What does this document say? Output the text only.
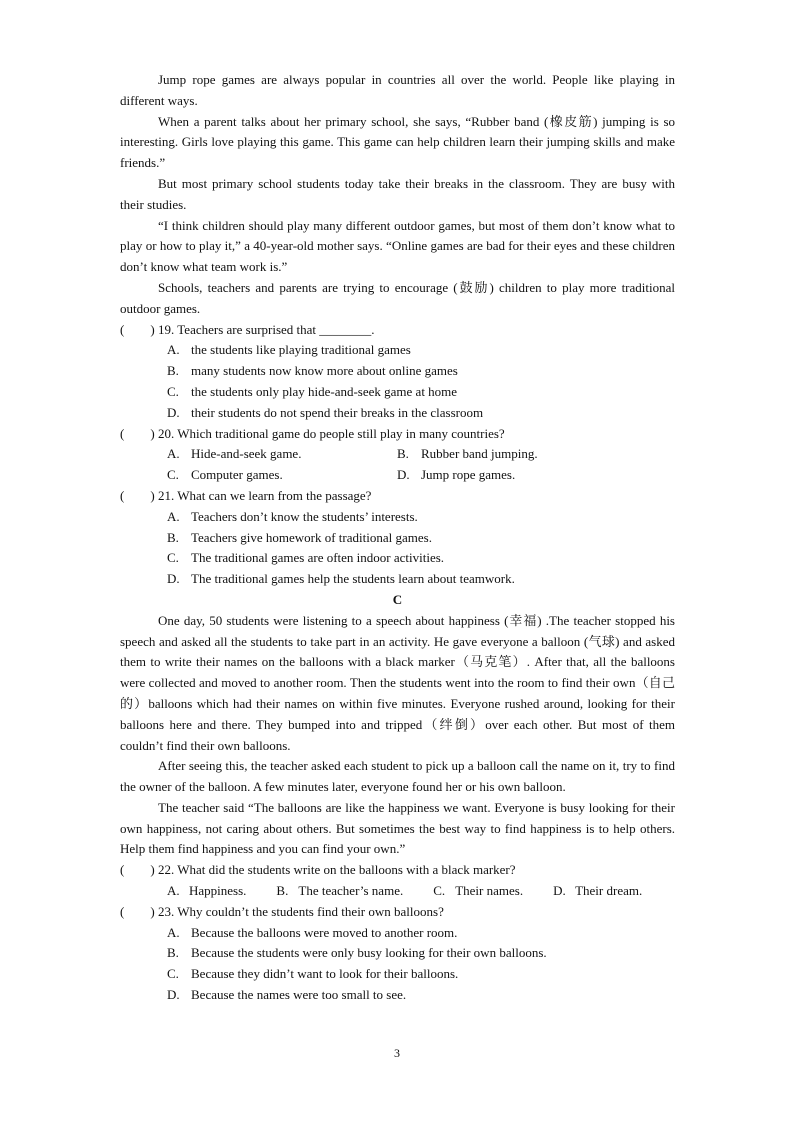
Jump rope games are always popular in countries all over the world. People like playing in different ways.

When a parent talks about her primary school, she says, “Rubber band (橡皮筋) jumping is so interesting. Girls love playing this game. This game can help children learn their jumping skills and make friends.”

But most primary school students today take their breaks in the classroom. They are busy with their studies.

“I think children should play many different outdoor games, but most of them don’t know what to play or how to play it,” a 40-year-old mother says. “Online games are bad for their eyes and these children don’t know what team work is.”

Schools, teachers and parents are trying to encourage (鼓励) children to play more traditional outdoor games.

(        ) 19. Teachers are surprised that ________.
A. the students like playing traditional games
B. many students now know more about online games
C. the students only play hide-and-seek game at home
D. their students do not spend their breaks in the classroom
(        ) 20. Which traditional game do people still play in many countries?
A. Hide-and-seek game.	B. Rubber band jumping.
C. Computer games.	D. Jump rope games.
(        ) 21. What can we learn from the passage?
A. Teachers don’t know the students’ interests.
B. Teachers give homework of traditional games.
C. The traditional games are often indoor activities.
D. The traditional games help the students learn about teamwork.
C

One day, 50 students were listening to a speech about happiness (幸福) .The teacher stopped his speech and asked all the students to take part in an activity. He gave everyone a balloon (气球) and asked them to write their names on the balloons with a black marker（马克笔）. After that, all the balloons were collected and moved to another room. Then the students went into the room to find their own（自己的）balloons which had their names on within five minutes. Everyone rushed around, looking for their balloons here and there. They bumped into and tripped（绊倒）over each other. But most of them couldn’t find their own balloons.

After seeing this, the teacher asked each student to pick up a balloon call the name on it, try to find the owner of the balloon. A few minutes later, everyone found her or his own balloon.

The teacher said “The balloons are like the happiness we want. Everyone is busy looking for their own happiness, not caring about others. But sometimes the best way to find happiness is to help others. Help them find happiness and you can find your own.”

(        ) 22. What did the students write on the balloons with a black marker?
A. Happiness. B. The teacher’s name. C. Their names. D. Their dream.
(        ) 23. Why couldn’t the students find their own balloons?
A. Because the balloons were moved to another room.
B. Because the students were only busy looking for their own balloons.
C. Because they didn’t want to look for their balloons.
D. Because the names were too small to see.
3
